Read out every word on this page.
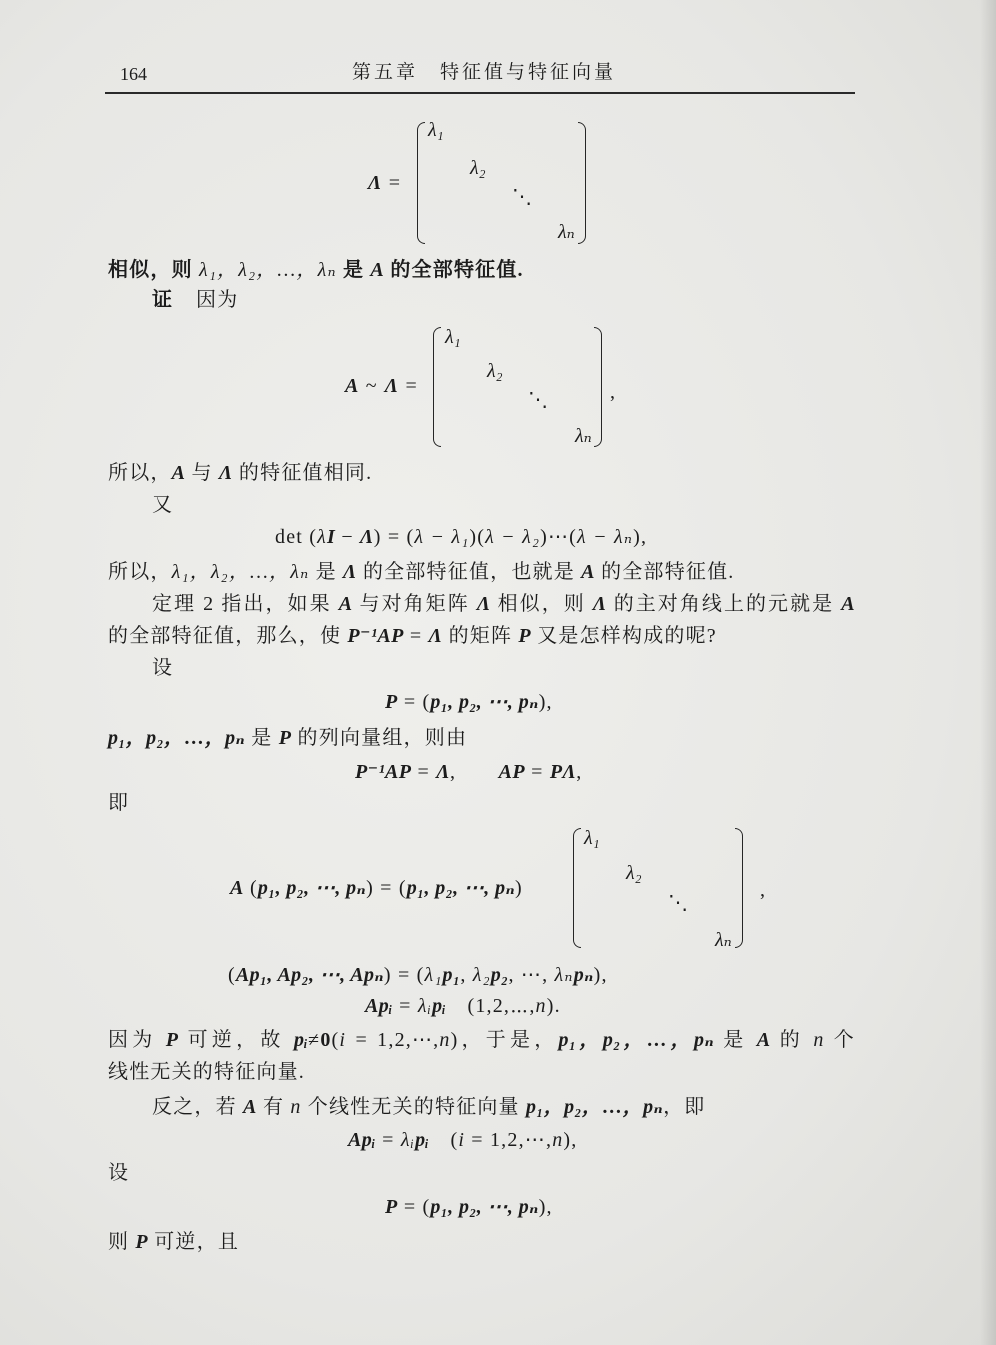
164	第五章　特征值与特征向量
Λ =
λ₁
λ₂
⋱
λₙ
相似，则 λ₁，λ₂，…，λₙ 是 A 的全部特征值.
证 因为
A ~ Λ =
λ₁
λ₂
⋱
λₙ
,
所以，A 与 Λ 的特征值相同.
又
det (λI − Λ) = (λ − λ₁)(λ − λ₂)⋯(λ − λₙ),
所以，λ₁，λ₂，…，λₙ 是 Λ 的全部特征值，也就是 A 的全部特征值.
定理 2 指出，如果 A 与对角矩阵 Λ 相似，则 Λ 的主对角线上的元就是 A
的全部特征值，那么，使 P⁻¹AP = Λ 的矩阵 P 又是怎样构成的呢?
设
P = (p₁, p₂, ⋯, pₙ),
p₁，p₂，…，pₙ 是 P 的列向量组，则由
P⁻¹AP = Λ,　　AP = PΛ,
即
A (p₁, p₂, ⋯, pₙ) = (p₁, p₂, ⋯, pₙ)
λ₁
λ₂
⋱
λₙ
,
(Ap₁, Ap₂, ⋯, Apₙ) = (λ₁p₁, λ₂p₂, ⋯, λₙpₙ),
Apᵢ = λᵢpᵢ　(1,2,⋯,n).
因为 P 可逆，故 pᵢ≠0(i = 1,2,⋯,n)，于是，p₁，p₂，…，pₙ 是 A 的 n 个
线性无关的特征向量.
反之，若 A 有 n 个线性无关的特征向量 p₁，p₂，…，pₙ，即
Apᵢ = λᵢpᵢ　(i = 1,2,⋯,n),
设
P = (p₁, p₂, ⋯, pₙ),
则 P 可逆，且
